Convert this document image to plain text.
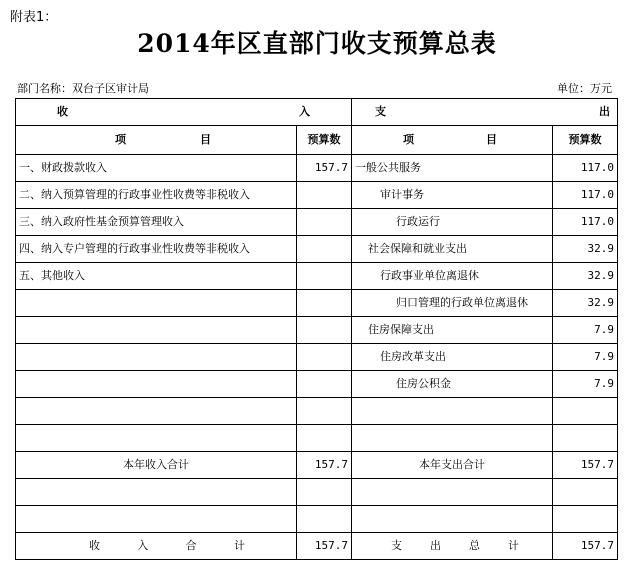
附表1：
2014年区直部门收支预算总表
部门名称：双台子区审计局	单位：万元
收 入		支 出	

项 目	预算数	项 目	预算数
一、财政拨款收入	157.7	一般公共服务	117.0
二、纳入预算管理的行政事业性收费等非税收入		审计事务	117.0
三、纳入政府性基金预算管理收入		行政运行	117.0
四、纳入专户管理的行政事业性收费等非税收入		社会保障和就业支出	32.9
五、其他收入		行政事业单位离退休	32.9
		归口管理的行政单位离退休	32.9
		住房保障支出	7.9
		住房改革支出	7.9
		住房公积金	7.9

本年收入合计	157.7	本年支出合计	157.7

收 入 合 计	157.7	支 出 总 计	157.7
